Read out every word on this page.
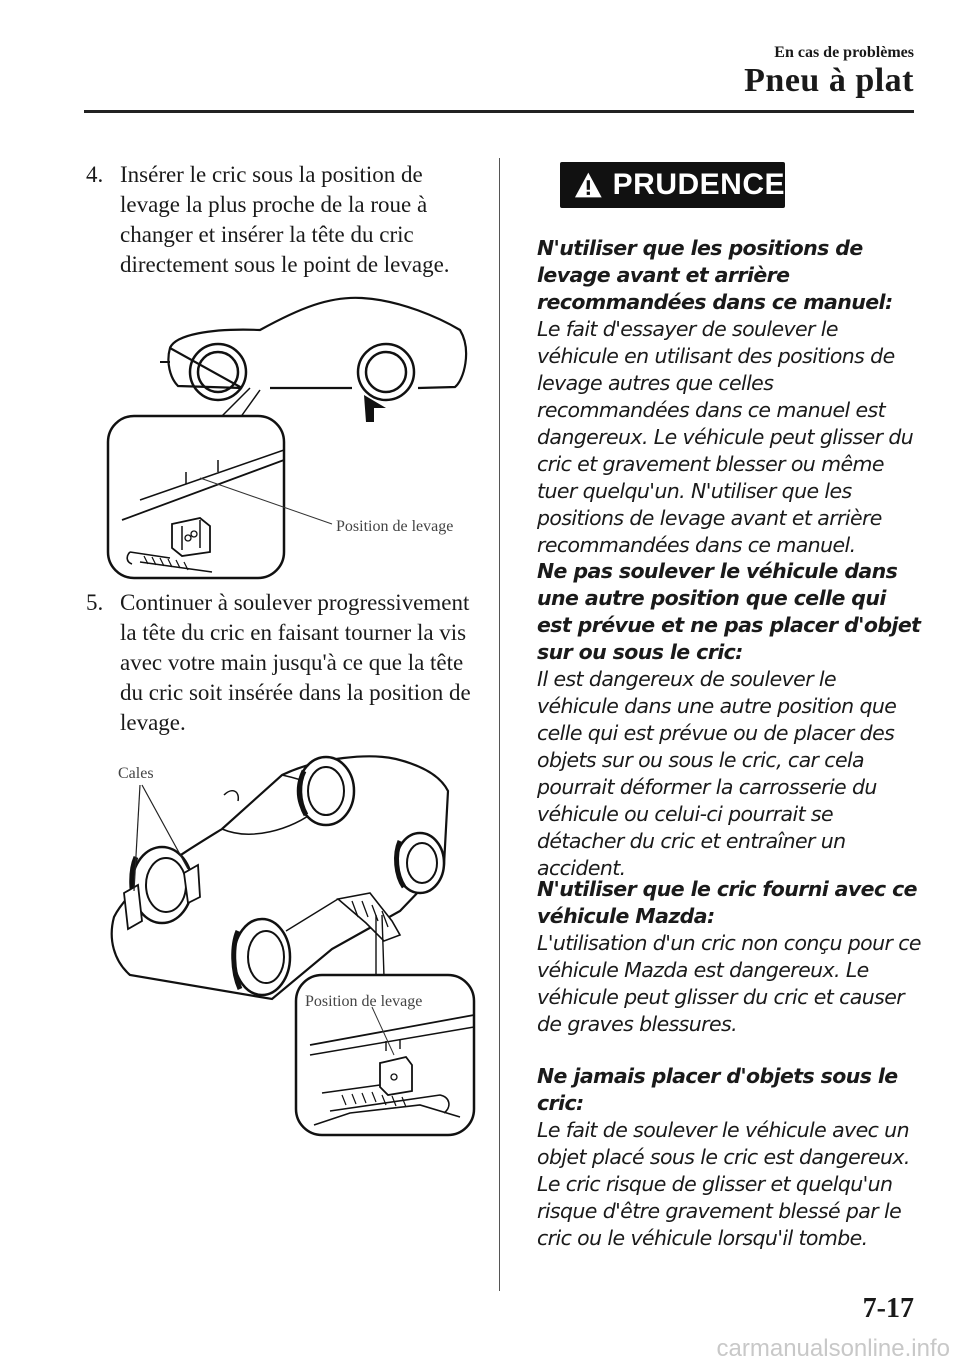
En cas de problèmes
Pneu à plat
4. Insérer le cric sous la position de levage la plus proche de la roue à changer et insérer la tête du cric directement sous le point de levage.
Position de levage
5. Continuer à soulever progressivement la tête du cric en faisant tourner la vis avec votre main jusqu'à ce que la tête du cric soit insérée dans la position de levage.
Cales
Position de levage
PRUDENCE
N'utiliser que les positions de levage avant et arrière recommandées dans ce manuel:
Le fait d'essayer de soulever le véhicule en utilisant des positions de levage autres que celles recommandées dans ce manuel est dangereux. Le véhicule peut glisser du cric et gravement blesser ou même tuer quelqu'un. N'utiliser que les positions de levage avant et arrière recommandées dans ce manuel.
Ne pas soulever le véhicule dans une autre position que celle qui est prévue et ne pas placer d'objet sur ou sous le cric:
Il est dangereux de soulever le véhicule dans une autre position que celle qui est prévue ou de placer des objets sur ou sous le cric, car cela pourrait déformer la carrosserie du véhicule ou celui-ci pourrait se détacher du cric et entraîner un accident.
N'utiliser que le cric fourni avec ce véhicule Mazda:
L'utilisation d'un cric non conçu pour ce véhicule Mazda est dangereux. Le véhicule peut glisser du cric et causer de graves blessures.
Ne jamais placer d'objets sous le cric:
Le fait de soulever le véhicule avec un objet placé sous le cric est dangereux. Le cric risque de glisser et quelqu'un risque d'être gravement blessé par le cric ou le véhicule lorsqu'il tombe.
7-17
carmanualsonline.info
